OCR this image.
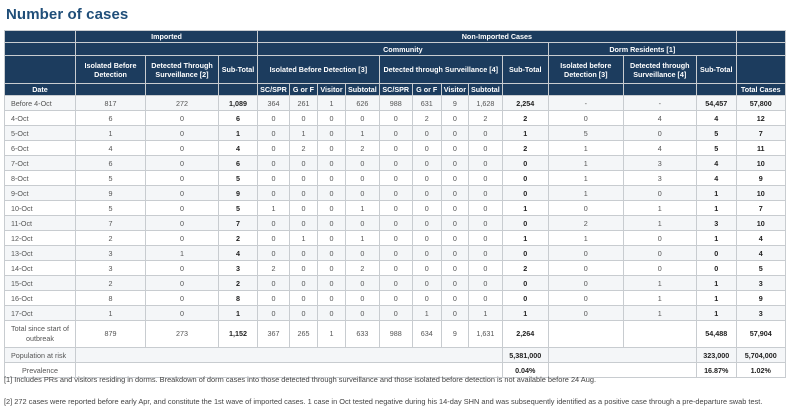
Number of cases
	Imported			Non-Imported Cases												
				Community									Dorm Residents [1]			
	Isolated Before Detection	Detected Through Surveillance [2]	Sub-Total	Isolated Before Detection [3]				Detected through Surveillance [4]				Sub-Total	Isolated before Detection [3]	Detected through Surveillance [4]	Sub-Total	
Date				SC/SPR	G or F	Visitor	Subtotal	SC/SPR	G or F	Visitor	Subtotal					Total Cases
Before 4-Oct	817	272	1,089	364	261	1	626	988	631	9	1,628	2,254	-	-	54,457	57,800
4-Oct	6	0	6	0	0	0	0	0	2	0	2	2	0	4	4	12
5-Oct	1	0	1	0	1	0	1	0	0	0	0	1	5	0	5	7
6-Oct	4	0	4	0	2	0	2	0	0	0	0	2	1	4	5	11
7-Oct	6	0	6	0	0	0	0	0	0	0	0	0	1	3	4	10
8-Oct	5	0	5	0	0	0	0	0	0	0	0	0	1	3	4	9
9-Oct	9	0	9	0	0	0	0	0	0	0	0	0	1	0	1	10
10-Oct	5	0	5	1	0	0	1	0	0	0	0	1	0	1	1	7
11-Oct	7	0	7	0	0	0	0	0	0	0	0	0	2	1	3	10
12-Oct	2	0	2	0	1	0	1	0	0	0	0	1	1	0	1	4
13-Oct	3	1	4	0	0	0	0	0	0	0	0	0	0	0	0	4
14-Oct	3	0	3	2	0	0	2	0	0	0	0	2	0	0	0	5
15-Oct	2	0	2	0	0	0	0	0	0	0	0	0	0	1	1	3
16-Oct	8	0	8	0	0	0	0	0	0	0	0	0	0	1	1	9
17-Oct	1	0	1	0	0	0	0	0	1	0	1	1	0	1	1	3
Total since start of outbreak	879	273	1,152	367	265	1	633	988	634	9	1,631	2,264			54,488	57,904
Population at risk												5,381,000			323,000	5,704,000
Prevalence												0.04%			16.87%	1.02%
[1] Includes PRs and visitors residing in dorms. Breakdown of dorm cases into those detected through surveillance and those isolated before detection is not available before 24 Aug.
[2] 272 cases were reported before early Apr, and constitute the 1st wave of imported cases. 1 case in Oct tested negative during his 14-day SHN and was subsequently identified as a positive case through a pre-departure swab test.
